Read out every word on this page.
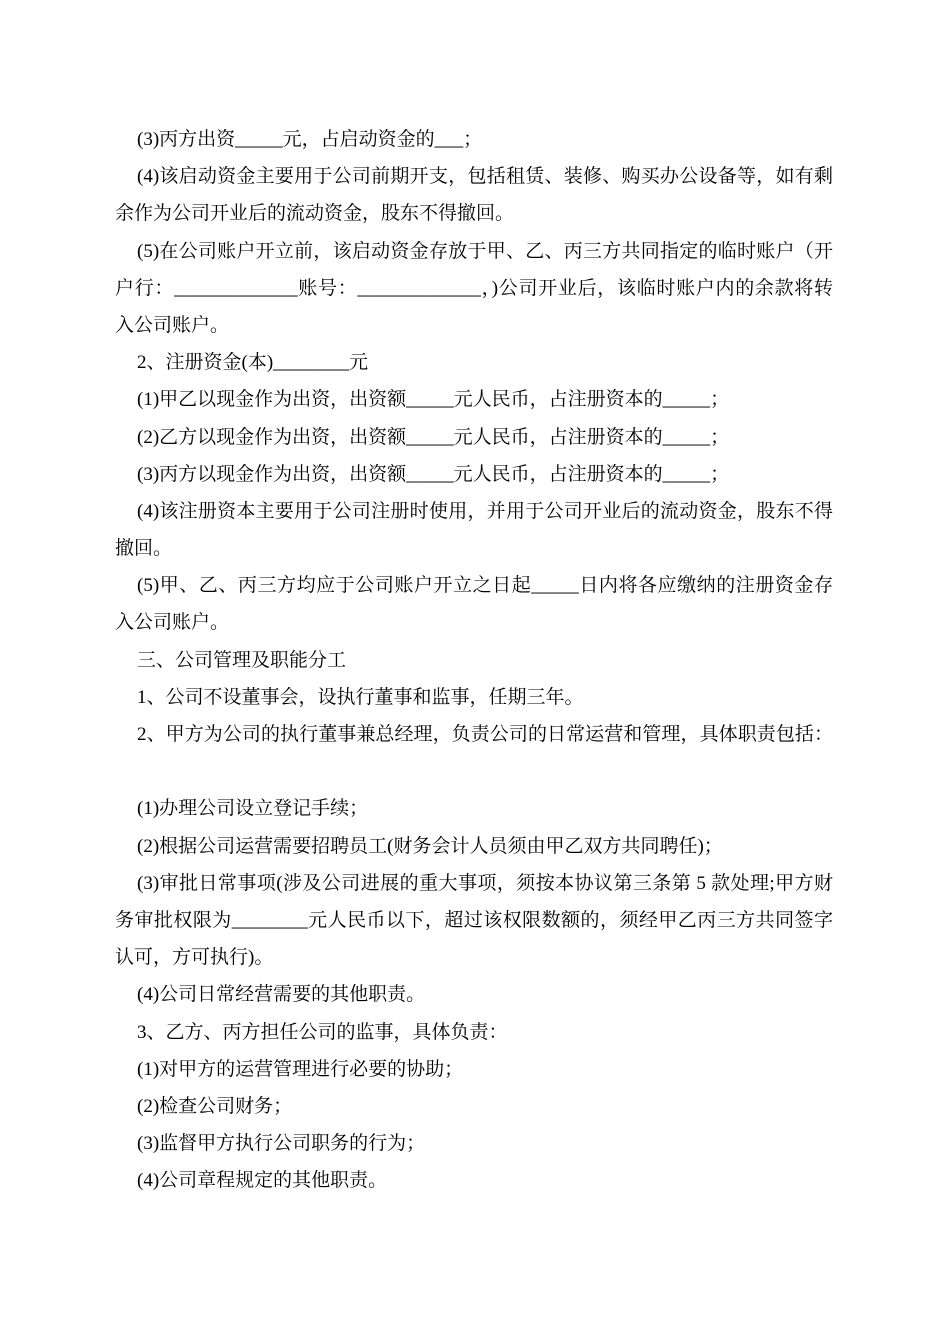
(3)丙方出资_____元，占启动资金的___；
(4)该启动资金主要用于公司前期开支，包括租赁、装修、购买办公设备等，如有剩
余作为公司开业后的流动资金，股东不得撤回。
(5)在公司账户开立前，该启动资金存放于甲、乙、丙三方共同指定的临时账户（开
户行：_____________账号：_____________，)公司开业后，该临时账户内的余款将转
入公司账户。
2、注册资金(本)________元
(1)甲乙以现金作为出资，出资额_____元人民币，占注册资本的_____；
(2)乙方以现金作为出资，出资额_____元人民币，占注册资本的_____；
(3)丙方以现金作为出资，出资额_____元人民币，占注册资本的_____；
(4)该注册资本主要用于公司注册时使用，并用于公司开业后的流动资金，股东不得
撤回。
(5)甲、乙、丙三方均应于公司账户开立之日起_____日内将各应缴纳的注册资金存
入公司账户。
三、公司管理及职能分工
1、公司不设董事会，设执行董事和监事，任期三年。
2、甲方为公司的执行董事兼总经理，负责公司的日常运营和管理，具体职责包括：
(1)办理公司设立登记手续；
(2)根据公司运营需要招聘员工(财务会计人员须由甲乙双方共同聘任)；
(3)审批日常事项(涉及公司进展的重大事项，须按本协议第三条第 5 款处理;甲方财
务审批权限为________元人民币以下，超过该权限数额的，须经甲乙丙三方共同签字
认可，方可执行)。
(4)公司日常经营需要的其他职责。
3、乙方、丙方担任公司的监事，具体负责：
(1)对甲方的运营管理进行必要的协助；
(2)检查公司财务；
(3)监督甲方执行公司职务的行为；
(4)公司章程规定的其他职责。
